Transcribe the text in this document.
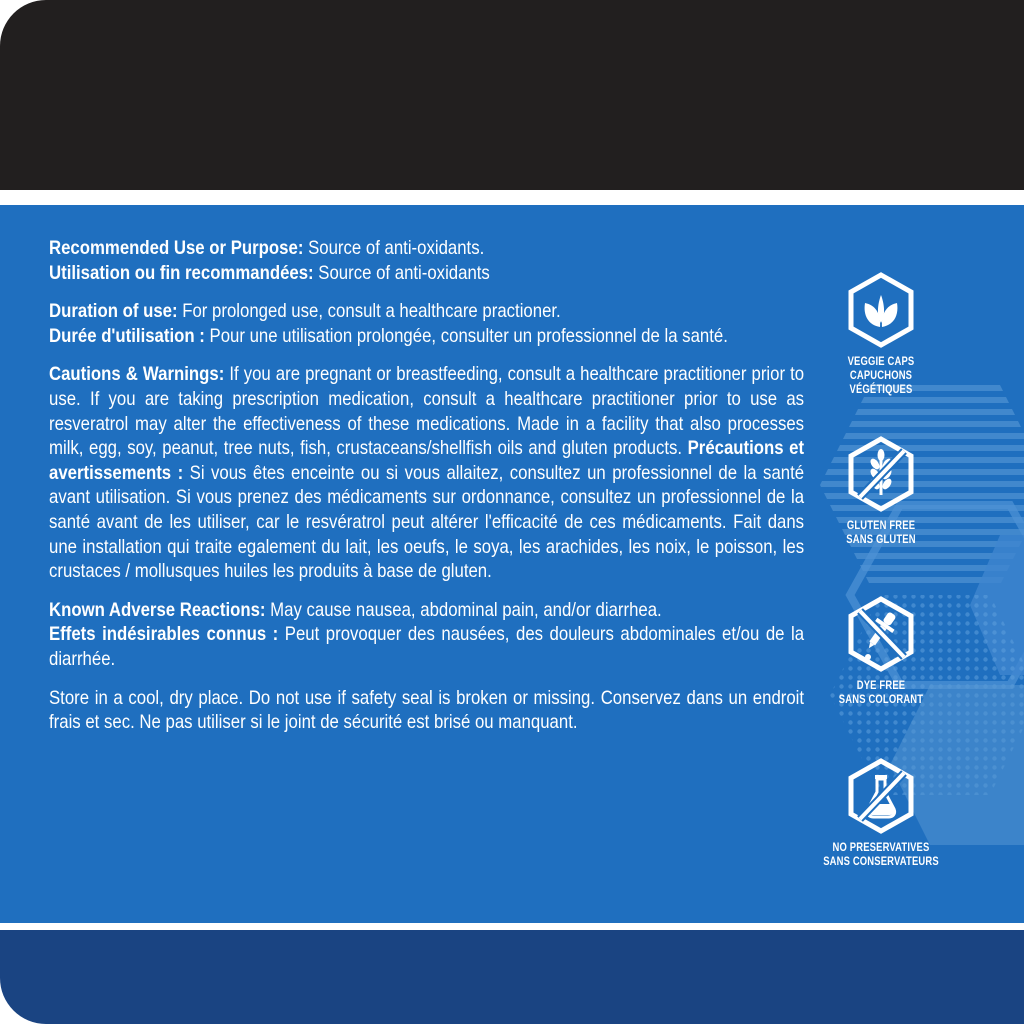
Recommended Use or Purpose: Source of anti-oxidants.
Utilisation ou fin recommandées: Source of anti-oxidants

Duration of use: For prolonged use, consult a healthcare practioner.
Durée d'utilisation : Pour une utilisation prolongée, consulter un professionnel de la santé.

Cautions & Warnings: If you are pregnant or breastfeeding, consult a healthcare practitioner prior to use. If you are taking prescription medication, consult a healthcare practitioner prior to use as resveratrol may alter the effectiveness of these medications. Made in a facility that also processes milk, egg, soy, peanut, tree nuts, fish, crustaceans/shellfish oils and gluten products. Précautions et avertissements : Si vous êtes enceinte ou si vous allaitez, consultez un professionnel de la santé avant utilisation. Si vous prenez des médicaments sur ordonnance, consultez un professionnel de la santé avant de les utiliser, car le resvératrol peut altérer l'efficacité de ces médicaments. Fait dans une installation qui traite egalement du lait, les oeufs, le soya, les arachides, les noix, le poisson, les crustaces / mollusques huiles les produits à base de gluten.

Known Adverse Reactions: May cause nausea, abdominal pain, and/or diarrhea.
Effets indésirables connus : Peut provoquer des nausées, des douleurs abdominales et/ou de la diarrhée.

Store in a cool, dry place. Do not use if safety seal is broken or missing. Conservez dans un endroit frais et sec. Ne pas utiliser si le joint de sécurité est brisé ou manquant.

VEGGIE CAPS
CAPUCHONS VÉGÉTIQUES
GLUTEN FREE
SANS GLUTEN
DYE FREE
SANS COLORANT
NO PRESERVATIVES
SANS CONSERVATEURS
